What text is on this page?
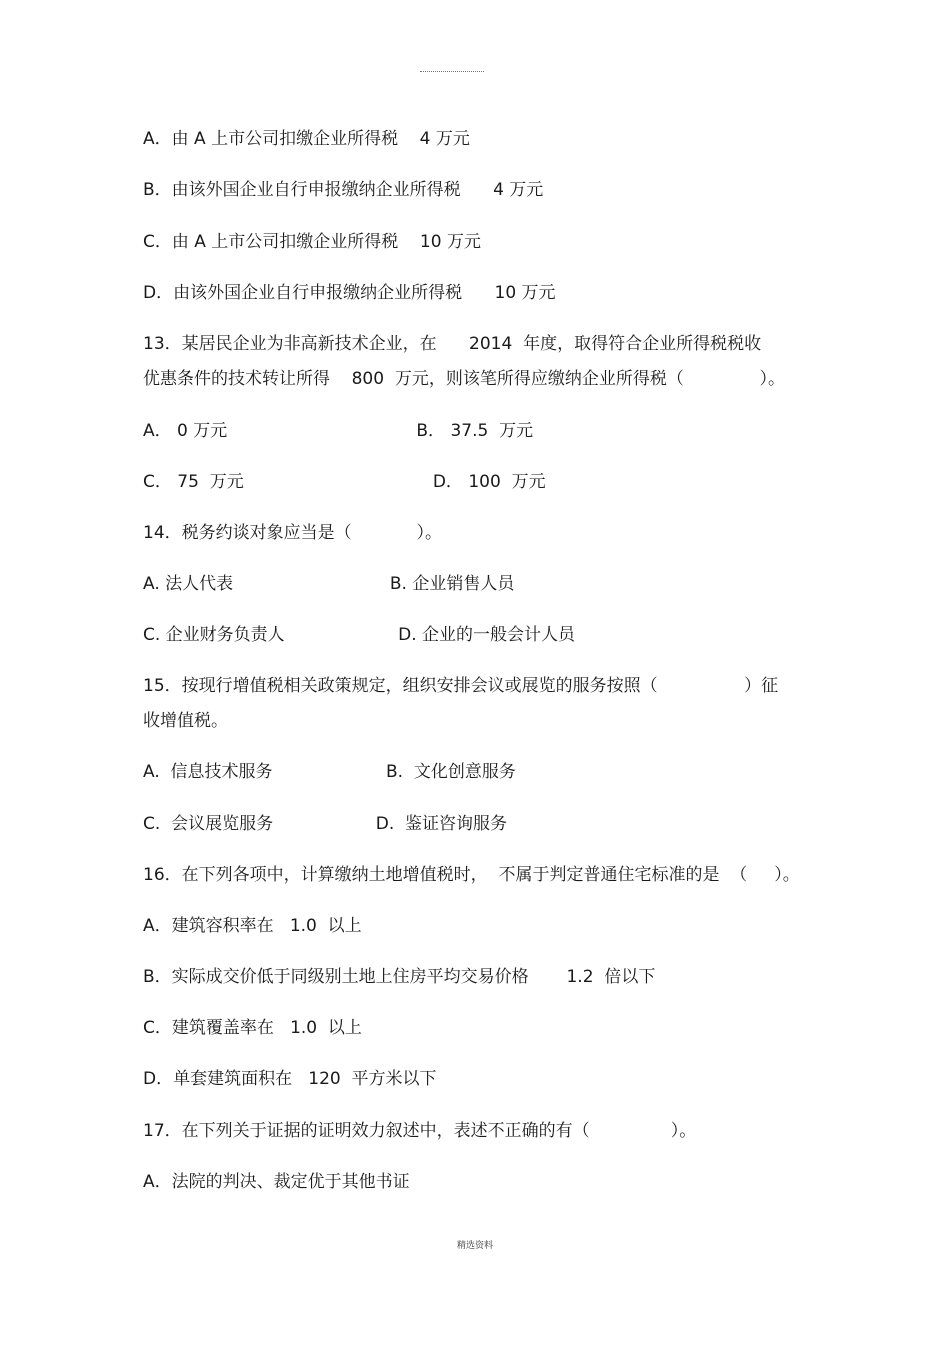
A．由 A 上市公司扣缴企业所得税    4 万元
B．由该外国企业自行申报缴纳企业所得税      4 万元
C．由 A 上市公司扣缴企业所得税    10 万元
D．由该外国企业自行申报缴纳企业所得税      10 万元
13．某居民企业为非高新技术企业，在      2014  年度，取得符合企业所得税税收
优惠条件的技术转让所得    800  万元，则该笔所得应缴纳企业所得税（              ）。
A． 0 万元                                   B． 37.5  万元
C． 75  万元                                   D． 100  万元
14．税务约谈对象应当是（            ）。
A. 法人代表                             B. 企业销售人员
C. 企业财务负责人                     D. 企业的一般会计人员
15．按现行增值税相关政策规定，组织安排会议或展览的服务按照（                ）征
收增值税。
A.  信息技术服务                     B.  文化创意服务
C.  会议展览服务                   D.  鉴证咨询服务
16．在下列各项中，计算缴纳土地增值税时，  不属于判定普通住宅标准的是  （     ）。
A．建筑容积率在   1.0  以上
B．实际成交价低于同级别土地上住房平均交易价格       1.2  倍以下
C．建筑覆盖率在   1.0  以上
D．单套建筑面积在   120  平方米以下
17．在下列关于证据的证明效力叙述中，表述不正确的有（               ）。
A．法院的判决、裁定优于其他书证
精选资料
